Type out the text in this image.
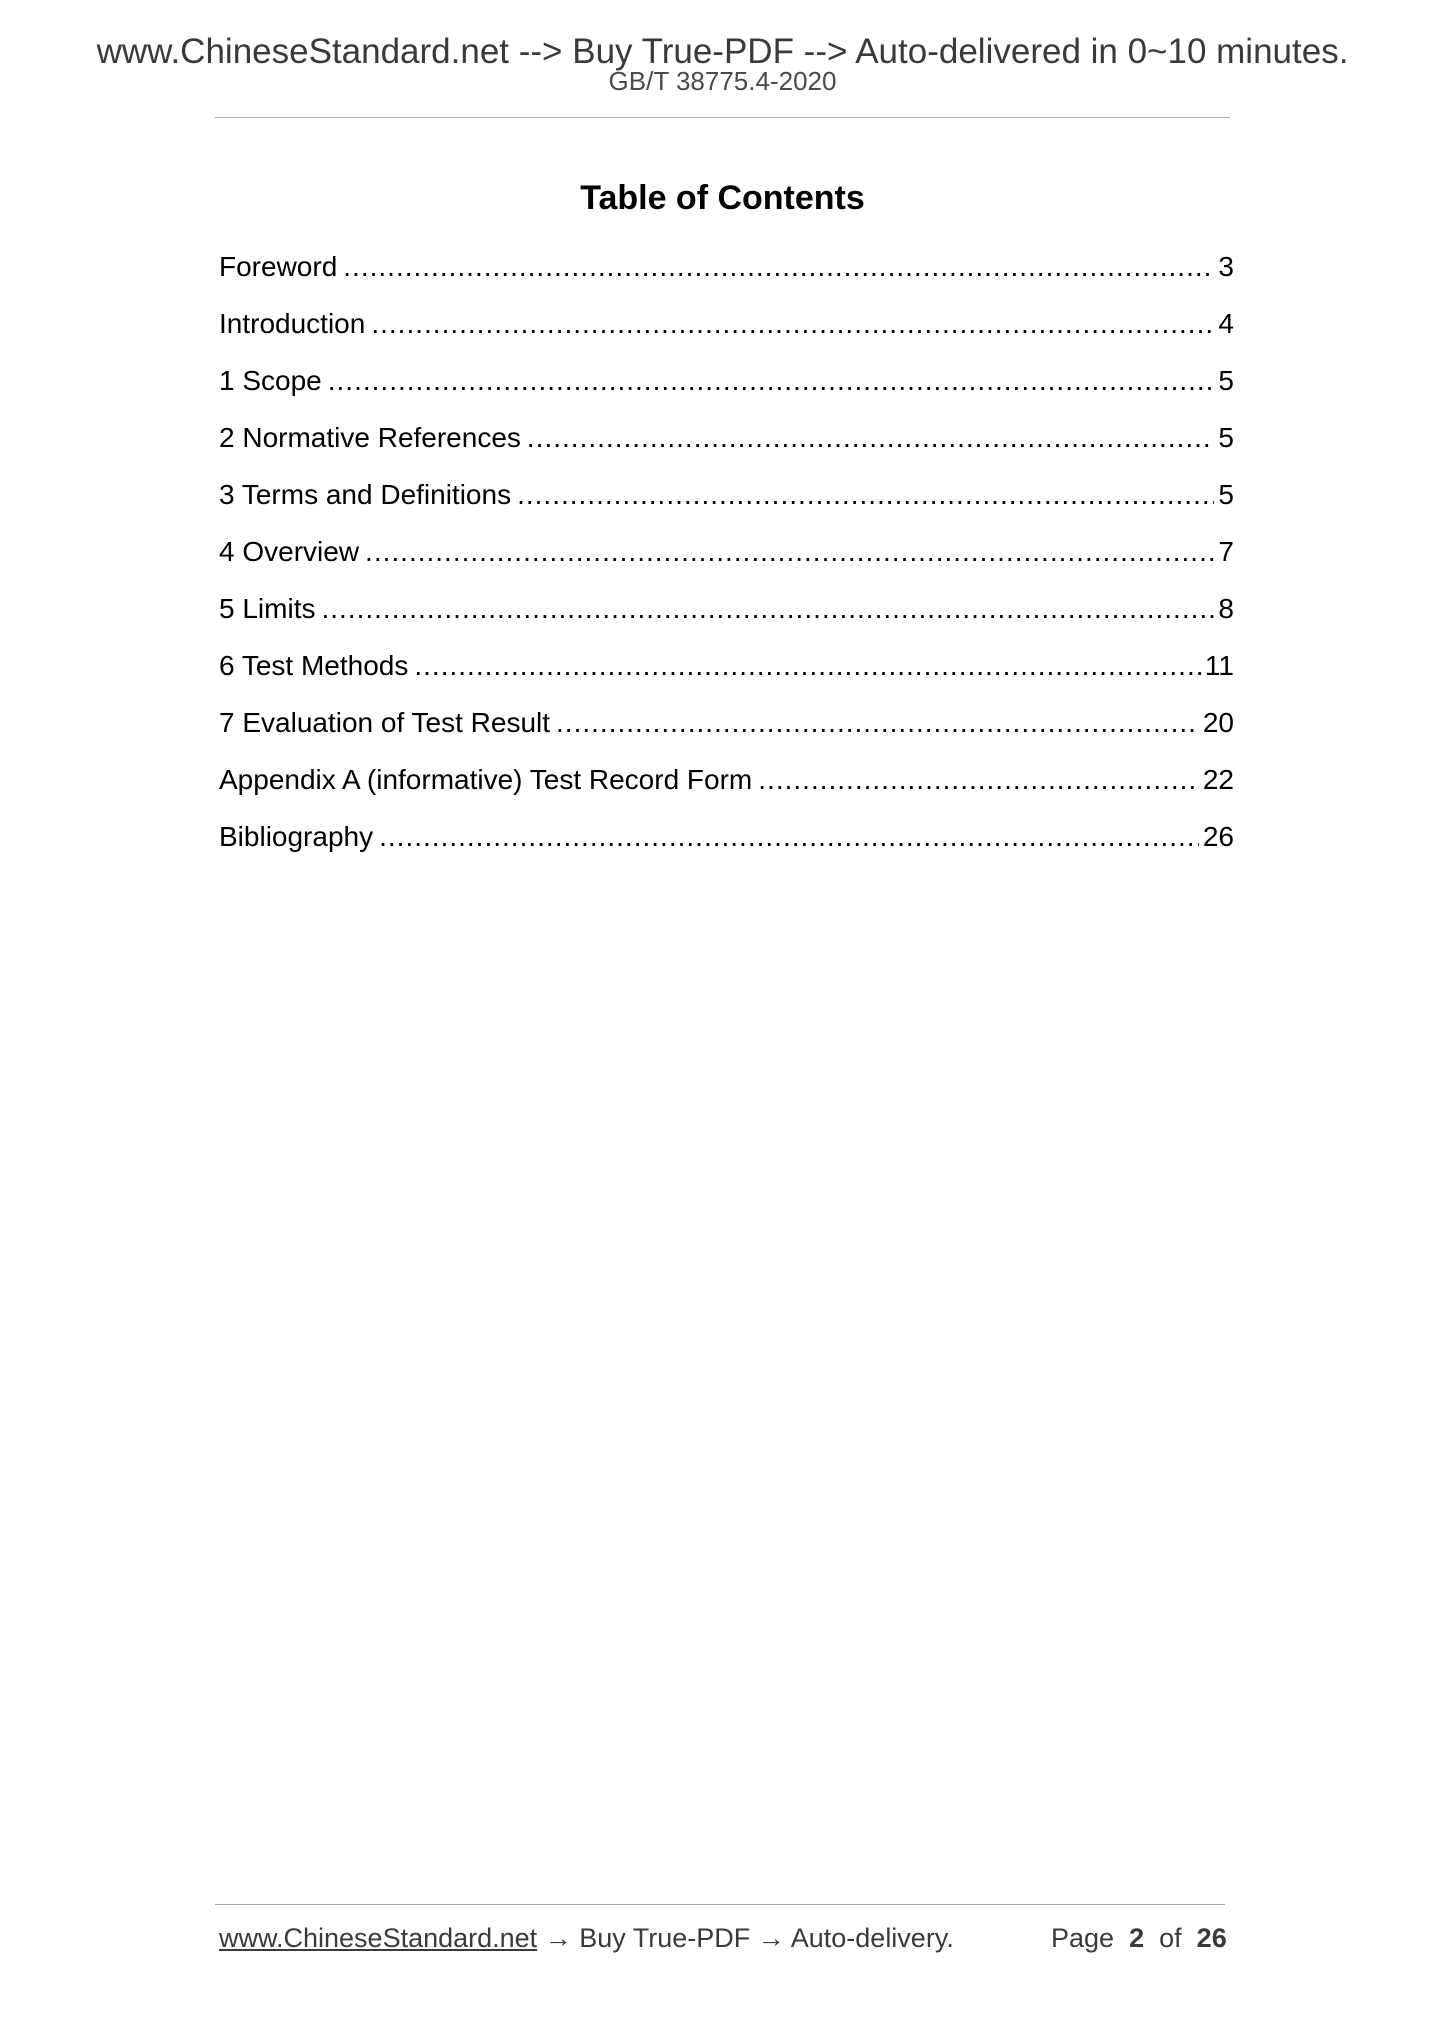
www.ChineseStandard.net --> Buy True-PDF --> Auto-delivered in 0~10 minutes.
GB/T 38775.4-2020
Table of Contents
Foreword .....	3
Introduction .....	4
1 Scope .....	5
2 Normative References .....	5
3 Terms and Definitions .....	5
4 Overview .....	7
5 Limits .....	8
6 Test Methods .....	11
7 Evaluation of Test Result .....	20
Appendix A (informative) Test Record Form .....	22
Bibliography .....	26
www.ChineseStandard.net → Buy True-PDF → Auto-delivery.	Page 2 of 26
